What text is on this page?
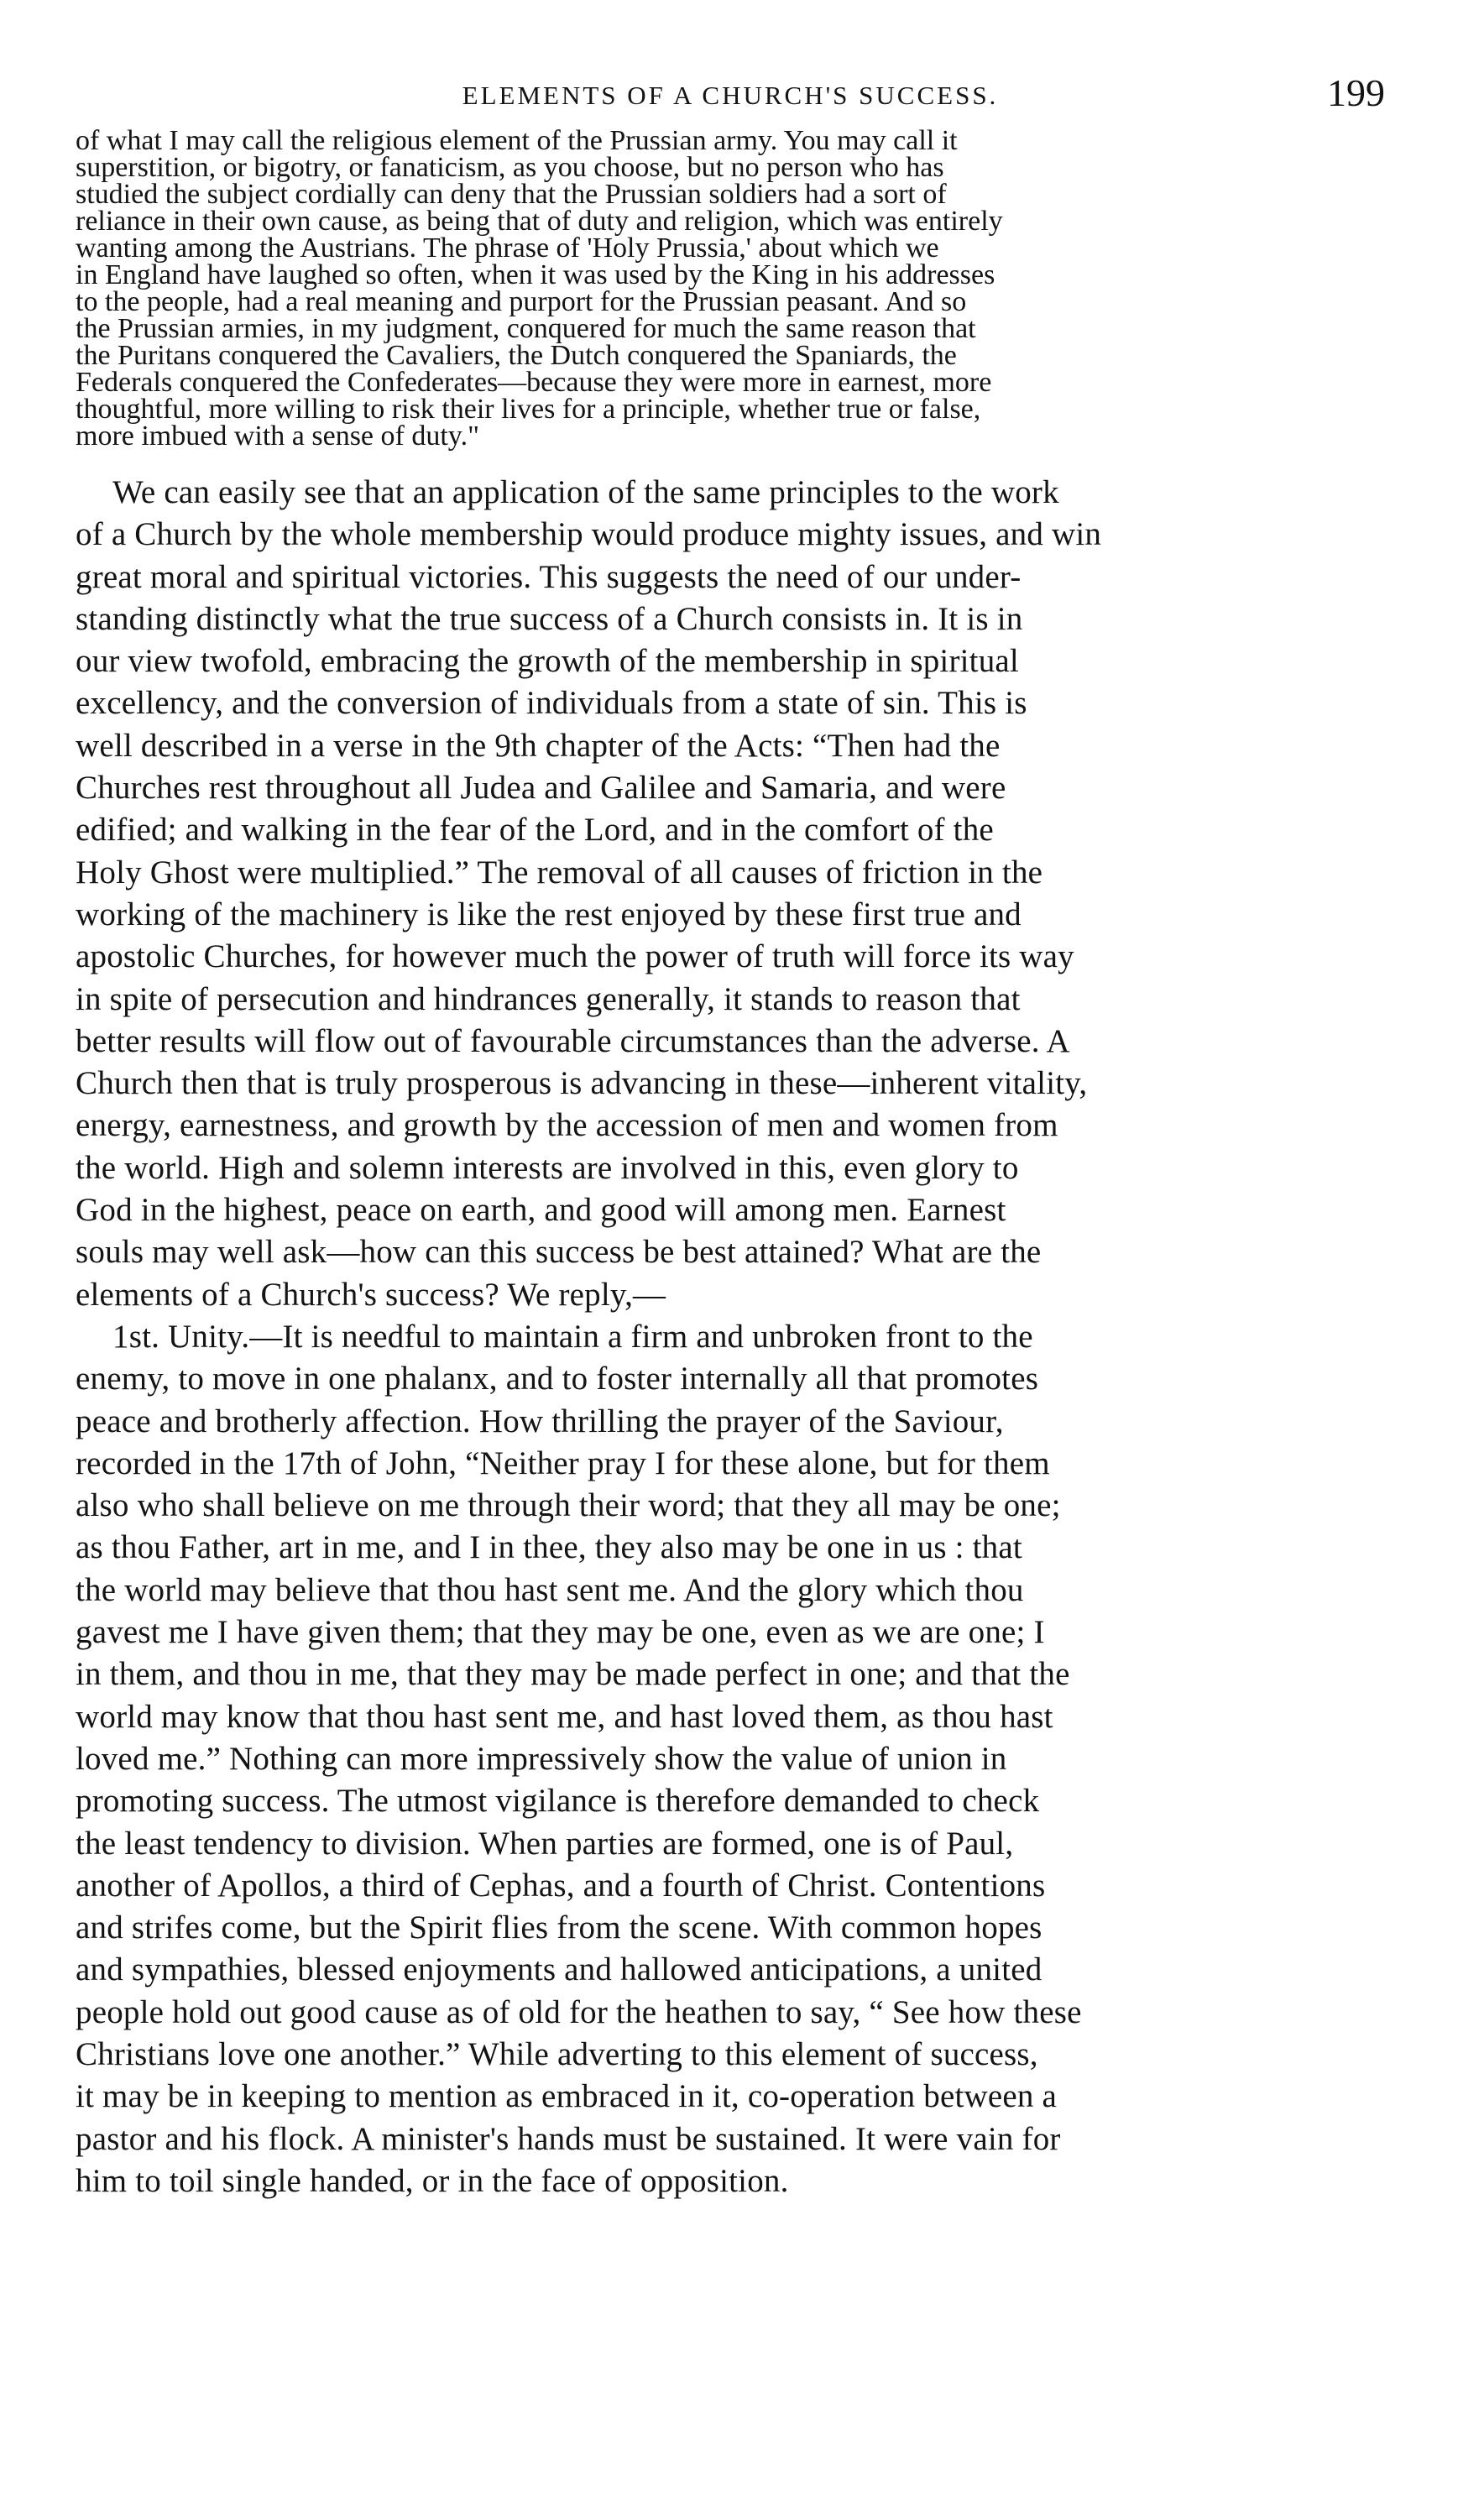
ELEMENTS OF A CHURCH'S SUCCESS.	199
of what I may call the religious element of the Prussian army. You may call it
superstition, or bigotry, or fanaticism, as you choose, but no person who has
studied the subject cordially can deny that the Prussian soldiers had a sort of
reliance in their own cause, as being that of duty and religion, which was entirely
wanting among the Austrians. The phrase of 'Holy Prussia,' about which we
in England have laughed so often, when it was used by the King in his addresses
to the people, had a real meaning and purport for the Prussian peasant. And so
the Prussian armies, in my judgment, conquered for much the same reason that
the Puritans conquered the Cavaliers, the Dutch conquered the Spaniards, the
Federals conquered the Confederates—because they were more in earnest, more
thoughtful, more willing to risk their lives for a principle, whether true or false,
more imbued with a sense of duty."
We can easily see that an application of the same principles to the work
of a Church by the whole membership would produce mighty issues, and win
great moral and spiritual victories. This suggests the need of our under-
standing distinctly what the true success of a Church consists in. It is in
our view twofold, embracing the growth of the membership in spiritual
excellency, and the conversion of individuals from a state of sin. This is
well described in a verse in the 9th chapter of the Acts: “Then had the
Churches rest throughout all Judea and Galilee and Samaria, and were
edified; and walking in the fear of the Lord, and in the comfort of the
Holy Ghost were multiplied.” The removal of all causes of friction in the
working of the machinery is like the rest enjoyed by these first true and
apostolic Churches, for however much the power of truth will force its way
in spite of persecution and hindrances generally, it stands to reason that
better results will flow out of favourable circumstances than the adverse. A
Church then that is truly prosperous is advancing in these—inherent vitality,
energy, earnestness, and growth by the accession of men and women from
the world. High and solemn interests are involved in this, even glory to
God in the highest, peace on earth, and good will among men. Earnest
souls may well ask—how can this success be best attained? What are the
elements of a Church's success? We reply,—
1st. Unity.—It is needful to maintain a firm and unbroken front to the
enemy, to move in one phalanx, and to foster internally all that promotes
peace and brotherly affection. How thrilling the prayer of the Saviour,
recorded in the 17th of John, “Neither pray I for these alone, but for them
also who shall believe on me through their word; that they all may be one;
as thou Father, art in me, and I in thee, they also may be one in us : that
the world may believe that thou hast sent me. And the glory which thou
gavest me I have given them; that they may be one, even as we are one; I
in them, and thou in me, that they may be made perfect in one; and that the
world may know that thou hast sent me, and hast loved them, as thou hast
loved me.” Nothing can more impressively show the value of union in
promoting success. The utmost vigilance is therefore demanded to check
the least tendency to division. When parties are formed, one is of Paul,
another of Apollos, a third of Cephas, and a fourth of Christ. Contentions
and strifes come, but the Spirit flies from the scene. With common hopes
and sympathies, blessed enjoyments and hallowed anticipations, a united
people hold out good cause as of old for the heathen to say, “ See how these
Christians love one another.” While adverting to this element of success,
it may be in keeping to mention as embraced in it, co-operation between a
pastor and his flock. A minister's hands must be sustained. It were vain for
him to toil single handed, or in the face of opposition.
